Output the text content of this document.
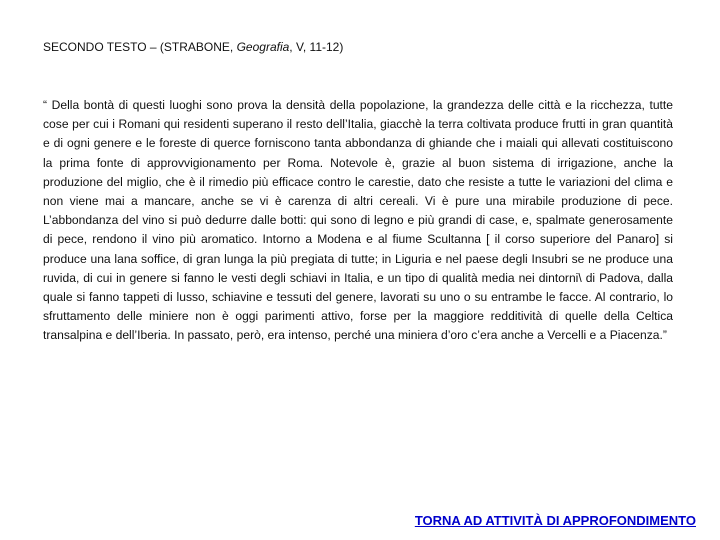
SECONDO TESTO – (STRABONE, Geografia, V, 11-12)

“ Della bontà di questi luoghi sono prova la densità della popolazione, la grandezza delle città e la ricchezza, tutte cose per cui i Romani qui residenti superano il resto dell’Italia, giacchè la terra coltivata produce frutti in gran quantità e di ogni genere e le foreste di querce forniscono tanta abbondanza di ghiande che i maiali qui allevati costituiscono la prima fonte di approvvigionamento per Roma. Notevole è, grazie al buon sistema di irrigazione, anche la produzione del miglio, che è il rimedio più efficace contro le carestie, dato che resiste a tutte le variazioni del clima e non viene mai a mancare, anche se vi è carenza di altri cereali. Vi è pure una mirabile produzione di pece. L’abbondanza del vino si può dedurre dalle botti: qui sono di legno e più grandi di case, e, spalmate generosamente di pece, rendono il vino più aromatico. Intorno a Modena e al fiume Scultanna [ il corso superiore del Panaro] si produce una lana soffice, di gran lunga la più pregiata di tutte; in Liguria e nel paese degli Insubri se ne produce una ruvida, di cui in genere si fanno le vesti degli schiavi in Italia, e un tipo di qualità media nei dintorni\ di Padova, dalla quale si fanno tappeti di lusso, schiavine e tessuti del genere, lavorati su uno o su entrambe le facce. Al contrario, lo sfruttamento delle miniere non è oggi parimenti attivo, forse per la maggiore redditività di quelle della Celtica transalpina e dell’Iberia. In passato, però, era intenso, perché una miniera d’oro c’era anche a Vercelli e a Piacenza.”

TORNA AD ATTIVITÀ DI APPROFONDIMENTO
